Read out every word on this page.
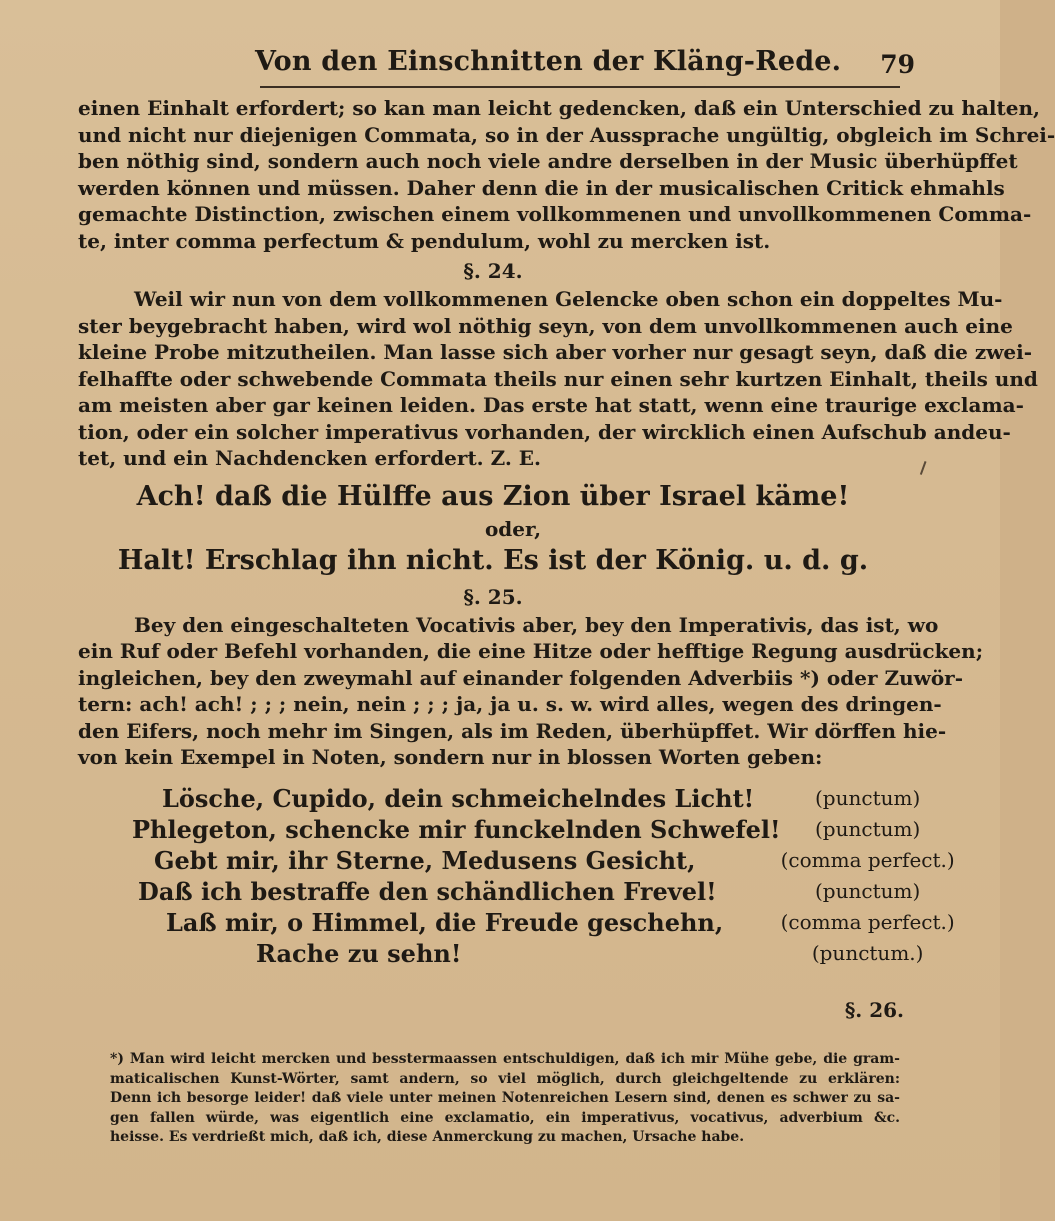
Von den Einschnitten der Kläng-Rede. 79
einen Einhalt erfordert; so kan man leicht gedencken, daß ein Unterschied zu halten,
und nicht nur diejenigen Commata, so in der Aussprache ungültig, obgleich im Schrei-
ben nöthig sind, sondern auch noch viele andre derselben in der Music überhüpffet
werden können und müssen. Daher denn die in der musicalischen Critick ehmahls
gemachte Distinction, zwischen einem vollkommenen und unvollkommenen Comma-
te, inter comma perfectum & pendulum, wohl zu mercken ist.
§. 24.
Weil wir nun von dem vollkommenen Gelencke oben schon ein doppeltes Mu-
ster beygebracht haben, wird wol nöthig seyn, von dem unvollkommenen auch eine
kleine Probe mitzutheilen. Man lasse sich aber vorher nur gesagt seyn, daß die zwei-
felhaffte oder schwebende Commata theils nur einen sehr kurtzen Einhalt, theils und
am meisten aber gar keinen leiden. Das erste hat statt, wenn eine traurige exclama-
tion, oder ein solcher imperativus vorhanden, der wircklich einen Aufschub andeu-
tet, und ein Nachdencken erfordert. Z. E.
Ach! daß die Hülffe aus Zion über Israel käme!
oder,
Halt! Erschlag ihn nicht. Es ist der König. u. d. g.
§. 25.
Bey den eingeschalteten Vocativis aber, bey den Imperativis, das ist, wo
ein Ruf oder Befehl vorhanden, die eine Hitze oder hefftige Regung ausdrücken;
ingleichen, bey den zweymahl auf einander folgenden Adverbiis *) oder Zuwör-
tern: ach! ach! ; ; ; nein, nein ; ; ; ja, ja u. s. w. wird alles, wegen des dringen-
den Eifers, noch mehr im Singen, als im Reden, überhüpffet. Wir dörffen hie-
von kein Exempel in Noten, sondern nur in blossen Worten geben:
Lösche, Cupido, dein schmeichelndes Licht!	(punctum)
Phlegeton, schencke mir funckelnden Schwefel!	(punctum)
Gebt mir, ihr Sterne, Medusens Gesicht,	(comma perfect.)
Daß ich bestraffe den schändlichen Frevel!	(punctum)
Laß mir, o Himmel, die Freude geschehn,	(comma perfect.)
Rache zu sehn!	(punctum.)
§. 26.
*) Man wird leicht mercken und besstermaassen entschuldigen, daß ich mir Mühe gebe, die gram-
maticalischen Kunst-Wörter, samt andern, so viel möglich, durch gleichgeltende zu erklären:
Denn ich besorge leider! daß viele unter meinen Notenreichen Lesern sind, denen es schwer zu sa-
gen fallen würde, was eigentlich eine exclamatio, ein imperativus, vocativus, adverbium &c.
heisse. Es verdrießt mich, daß ich, diese Anmerckung zu machen, Ursache habe.
